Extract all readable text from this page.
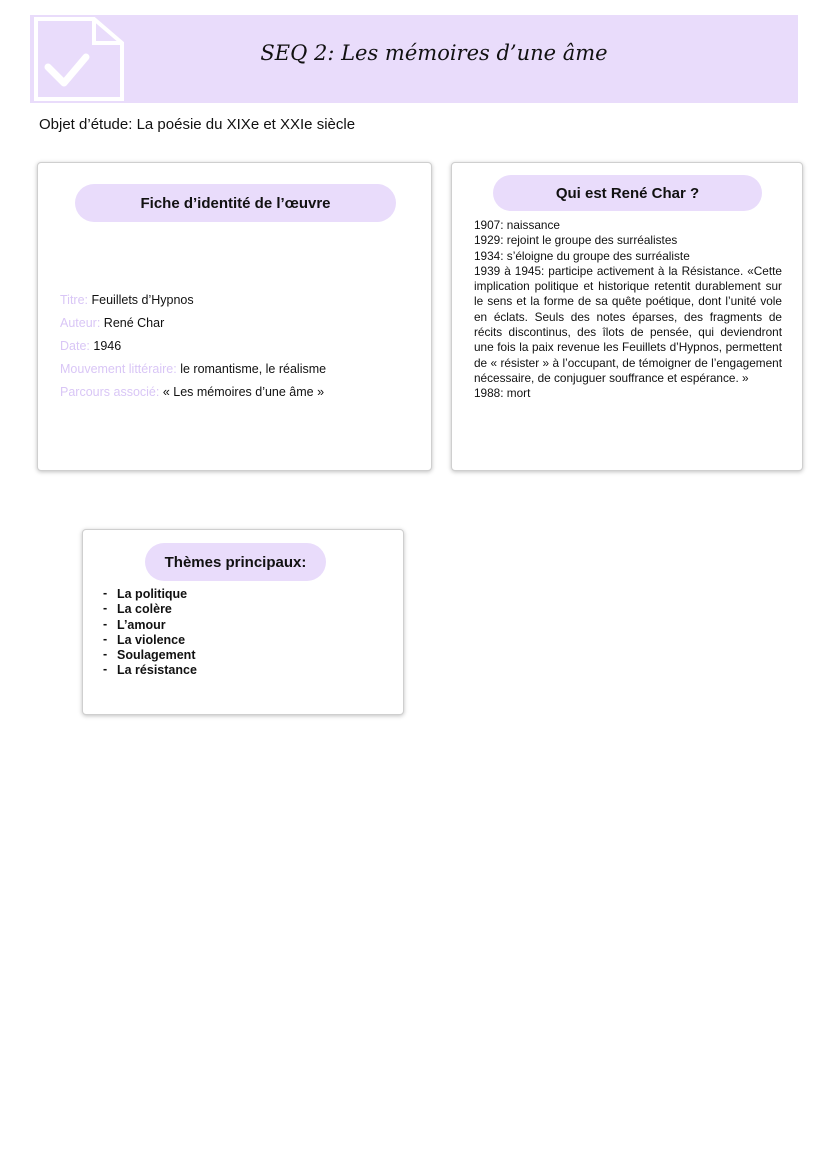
SEQ 2: Les mémoires d’une âme
Objet d’étude: La poésie du XIXe et XXIe siècle
Fiche d’identité de l’œuvre
Titre: Feuillets d’Hypnos
Auteur: René Char
Date: 1946
Mouvement littéraire: le romantisme, le réalisme
Parcours associé: « Les mémoires d’une âme »
Qui est René Char ?
1907: naissance
1929: rejoint le groupe des surréalistes
1934: s’éloigne du groupe des surréaliste
1939 à 1945: participe activement à la Résistance. «Cette implication politique et historique retentit durablement sur le sens et la forme de sa quête poétique, dont l’unité vole en éclats. Seuls des notes éparses, des fragments de récits discontinus, des îlots de pensée, qui deviendront une fois la paix revenue les Feuillets d’Hypnos, permettent de « résister » à l’occupant, de témoigner de l’engagement nécessaire, de conjuguer souffrance et espérance. »
1988: mort
Thèmes principaux:
- La politique
- La colère
- L’amour
- La violence
- Soulagement
- La résistance
